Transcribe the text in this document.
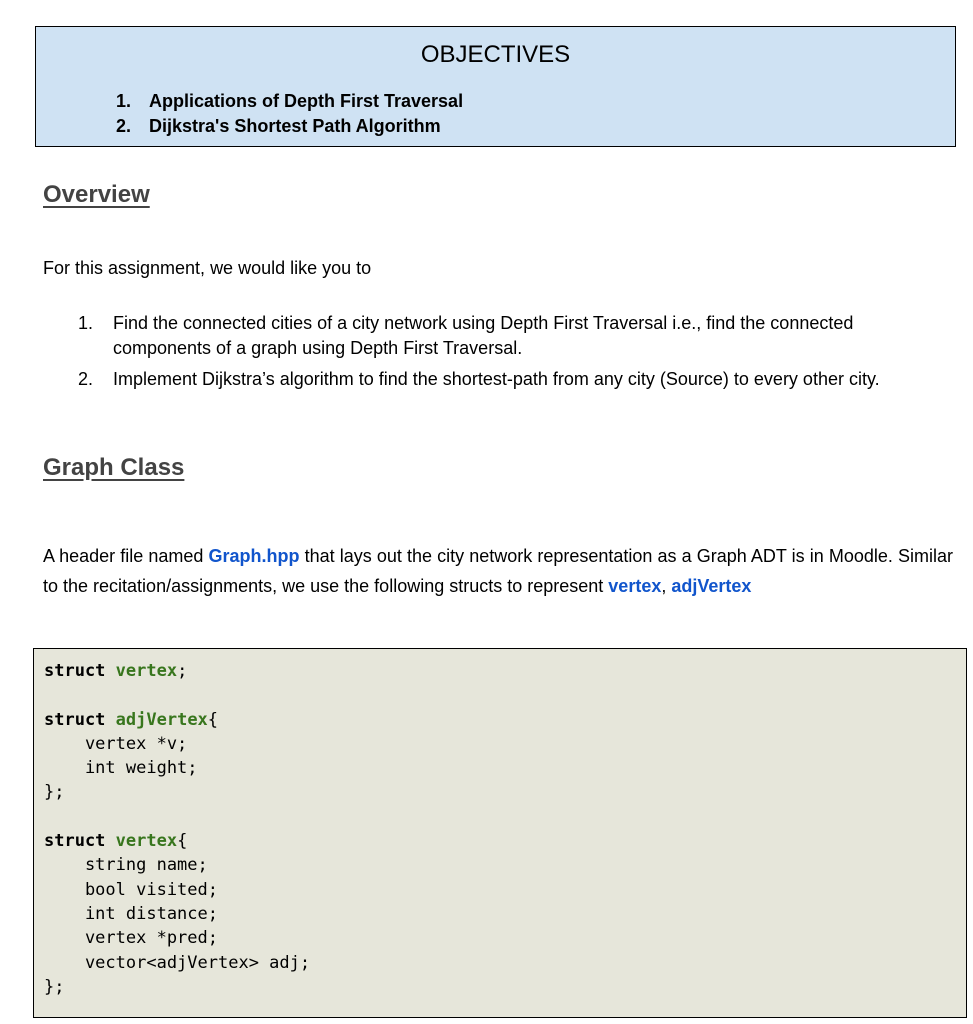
OBJECTIVES
1. Applications of Depth First Traversal
2. Dijkstra's Shortest Path Algorithm
Overview
For this assignment, we would like you to
1. Find the connected cities of a city network using Depth First Traversal i.e., find the connected components of a graph using Depth First Traversal.
2. Implement Dijkstra’s algorithm to find the shortest-path from any city (Source) to every other city.
Graph Class
A header file named Graph.hpp that lays out the city network representation as a Graph ADT is in Moodle. Similar to the recitation/assignments, we use the following structs to represent vertex, adjVertex
struct vertex;
struct adjVertex{
vertex *v;
int weight;
};
struct vertex{
string name;
bool visited;
int distance;
vertex *pred;
vector<adjVertex> adj;
};
